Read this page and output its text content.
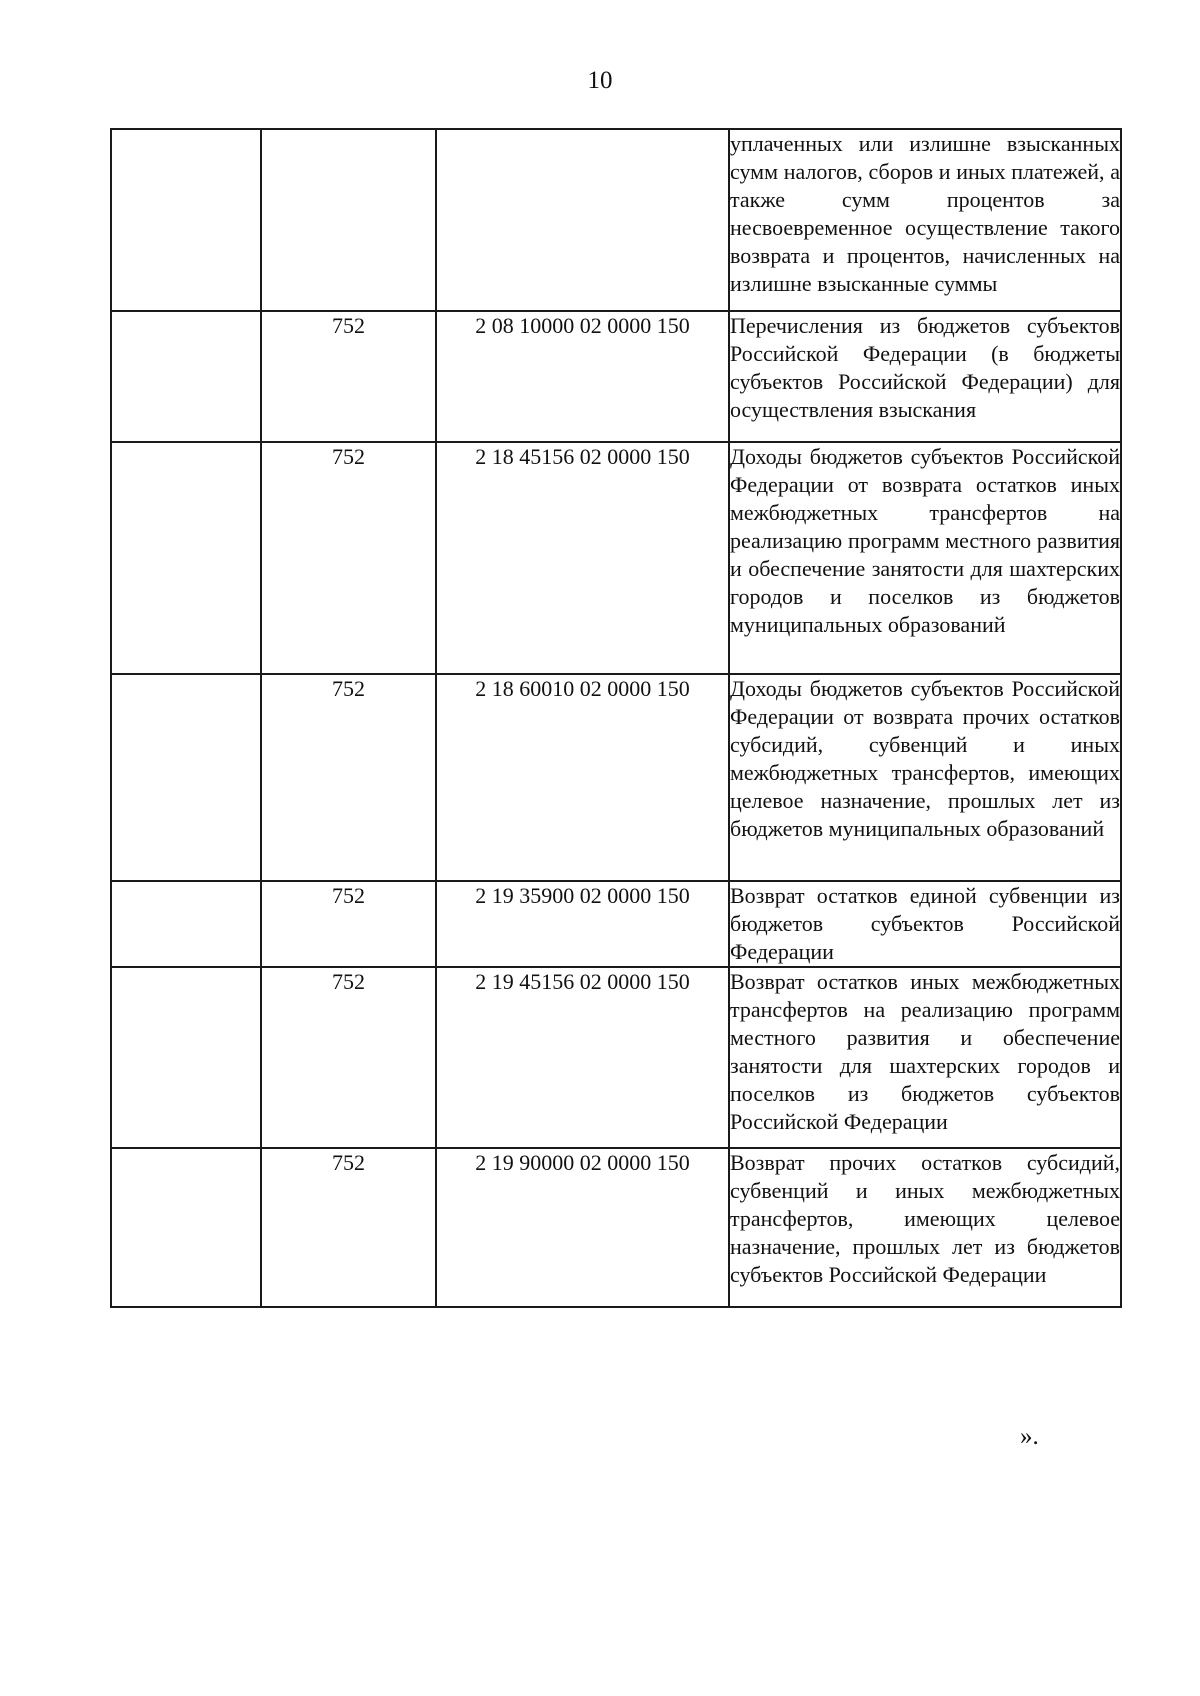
10
			уплаченных или излишне взысканных сумм налогов, сборов и иных платежей, а также сумм процентов за несвоевременное осуществление такого возврата и процентов, начисленных на излишне взысканные суммы
	752	2 08 10000 02 0000 150	Перечисления из бюджетов субъектов Российской Федерации (в бюджеты субъектов Российской Федерации) для осуществления взыскания
	752	2 18 45156 02 0000 150	Доходы бюджетов субъектов Российской Федерации от возврата остатков иных межбюджетных трансфертов на реализацию программ местного развития и обеспечение занятости для шахтерских городов и поселков из бюджетов муниципальных образований
	752	2 18 60010 02 0000 150	Доходы бюджетов субъектов Российской Федерации от возврата прочих остатков субсидий, субвенций и иных межбюджетных трансфертов, имеющих целевое назначение, прошлых лет из бюджетов муниципальных образований
	752	2 19 35900 02 0000 150	Возврат остатков единой субвенции из бюджетов субъектов Российской Федерации
	752	2 19 45156 02 0000 150	Возврат остатков иных межбюджетных трансфертов на реализацию программ местного развития и обеспечение занятости для шахтерских городов и поселков из бюджетов субъектов Российской Федерации
	752	2 19 90000 02 0000 150	Возврат прочих остатков субсидий, субвенций и иных межбюджетных трансфертов, имеющих целевое назначение, прошлых лет из бюджетов субъектов Российской Федерации
».
